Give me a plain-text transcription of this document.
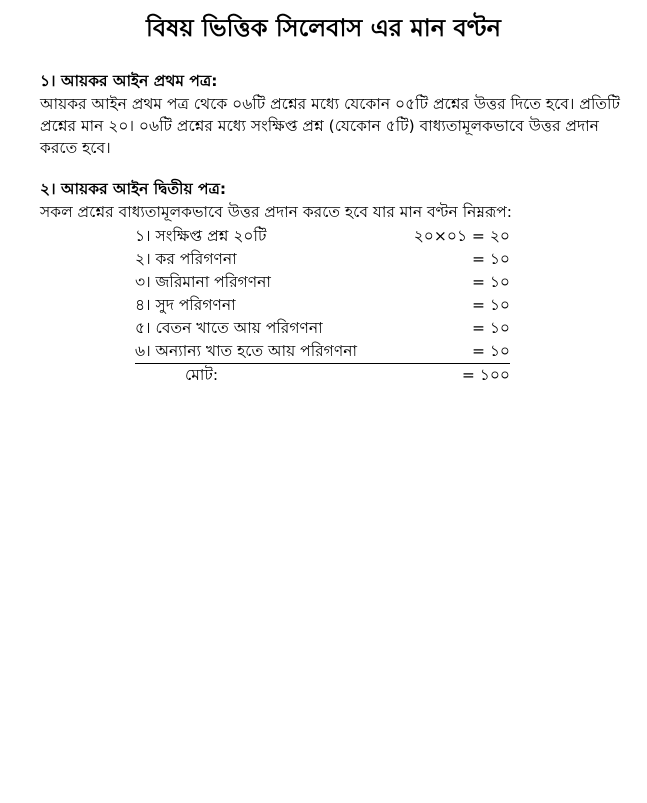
বিষয় ভিত্তিক সিলেবাস এর মান বণ্টন
১। আয়কর আইন প্রথম পত্র:

আয়কর আইন প্রথম পত্র থেকে ০৬টি প্রশ্নের মধ্যে যেকোন ০৫টি প্রশ্নের উত্তর দিতে হবে। প্রতিটি প্রশ্নের মান ২০। ০৬টি প্রশ্নের মধ্যে সংক্ষিপ্ত প্রশ্ন (যেকোন ৫টি) বাধ্যতামূলকভাবে উত্তর প্রদান করতে হবে।

২। আয়কর আইন দ্বিতীয় পত্র:

সকল প্রশ্নের বাধ্যতামূলকভাবে উত্তর প্রদান করতে হবে যার মান বণ্টন নিম্নরূপ:

১। সংক্ষিপ্ত প্রশ্ন ২০টি	২০×০১ = ২০
২। কর পরিগণনা	= ১০
৩। জরিমানা পরিগণনা	= ১০
৪। সুদ পরিগণনা	= ১০
৫। বেতন খাতে আয় পরিগণনা	= ১০
৬। অন্যান্য খাত হতে আয় পরিগণনা	= ১০
মোট:	= ১০০
